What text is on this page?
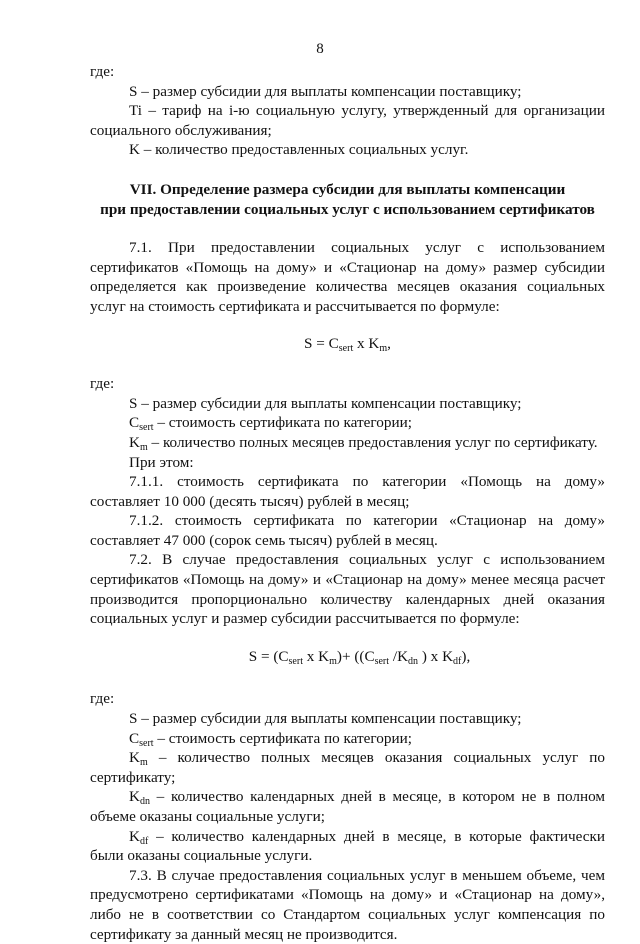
8

где:

S – размер субсидии для выплаты компенсации поставщику;

Ti – тариф на i-ю социальную услугу, утвержденный для организации социального обслуживания;

K – количество предоставленных социальных услуг.

VII. Определение размера субсидии для выплаты компенсации
при предоставлении социальных услуг с использованием сертификатов

7.1. При предоставлении социальных услуг с использованием сертификатов «Помощь на дому» и «Стационар на дому» размер субсидии определяется как произведение количества месяцев оказания социальных услуг на стоимость сертификата и рассчитывается по формуле:

$S = C_{sert}$ x $K_m$,

где:

S – размер субсидии для выплаты компенсации поставщику;

$C_{sert}$ – стоимость сертификата по категории;

$K_m$ – количество полных месяцев предоставления услуг по сертификату.

При этом:

7.1.1. стоимость сертификата по категории «Помощь на дому» составляет 10 000 (десять тысяч) рублей в месяц;

7.1.2. стоимость сертификата по категории «Стационар на дому» составляет 47 000 (сорок семь тысяч) рублей в месяц.

7.2. В случае предоставления социальных услуг с использованием сертификатов «Помощь на дому» и «Стационар на дому» менее месяца расчет производится пропорционально количеству календарных дней оказания социальных услуг и размер субсидии рассчитывается по формуле:

$S = (C_{sert}$ x $K_m)+ ((C_{sert}$ $/K_{dn}$ ) x $K_{df}$),

где:

S – размер субсидии для выплаты компенсации поставщику;

$C_{sert}$ – стоимость сертификата по категории;

$K_m$ – количество полных месяцев оказания социальных услуг по сертификату;

$K_{dn}$ – количество календарных дней в месяце, в котором не в полном объеме оказаны социальные услуги;

$K_{df}$ – количество календарных дней в месяце, в которые фактически были оказаны социальные услуги.

7.3. В случае предоставления социальных услуг в меньшем объеме, чем предусмотрено сертификатами «Помощь на дому» и «Стационар на дому», либо не в соответствии со Стандартом социальных услуг компенсация по сертификату за данный месяц не производится.
